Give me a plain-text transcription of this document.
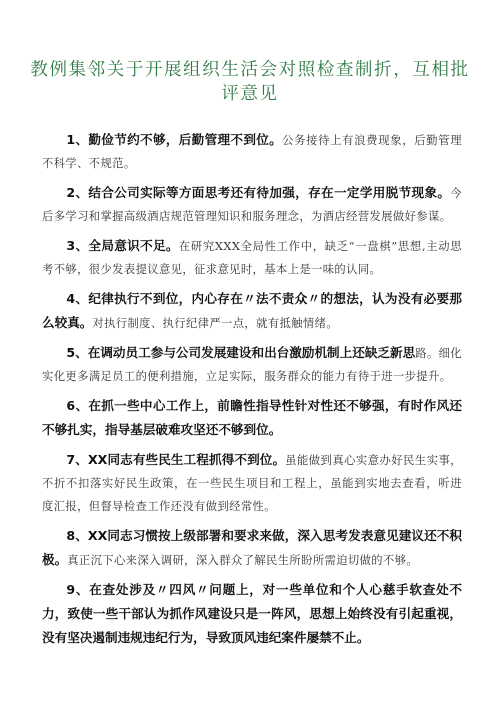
教例集邻关于开展组织生活会对照检查制折，互相批评意见

1、勤俭节约不够，后勤管理不到位。公务接待上有浪费现象，后勤管理不科学、不规范。

2、结合公司实际等方面思考还有待加强，存在一定学用脱节现象。今后多学习和掌握高级酒店规范管理知识和服务理念，为酒店经营发展做好参谋。

3、全局意识不足。在研究XXX全局性工作中，缺乏“一盘棋”思想,主动思考不够，很少发表提议意见，征求意见时，基本上是一味的认同。

4、纪律执行不到位，内心存在〃法不责众〃的想法，认为没有必要那么较真。对执行制度、执行纪律严一点，就有抵触情绪。

5、在调动员工参与公司发展建设和出台激励机制上还缺乏新思路。细化实化更多满足员工的便利措施，立足实际，服务群众的能力有待于进一步提升。

6、在抓一些中心工作上，前瞻性指导性针对性还不够强，有时作风还不够扎实，指导基层破难攻坚还不够到位。

7、XX同志有些民生工程抓得不到位。虽能做到真心实意办好民生实事，不折不扣落实好民生政策，在一些民生项目和工程上，虽能到实地去查看，听进度汇报，但督导检查工作还没有做到经常性。

8、XX同志习惯按上级部署和要求来做，深入思考发表意见建议还不积极。真正沉下心来深入调研，深入群众了解民生所盼所需迫切做的不够。

9、在查处涉及〃四风〃问题上，对一些单位和个人心慈手软查处不力，致使一些干部认为抓作风建设只是一阵风，思想上始终没有引起重视，没有坚决遏制违规违纪行为，导致顶风违纪案件屡禁不止。
